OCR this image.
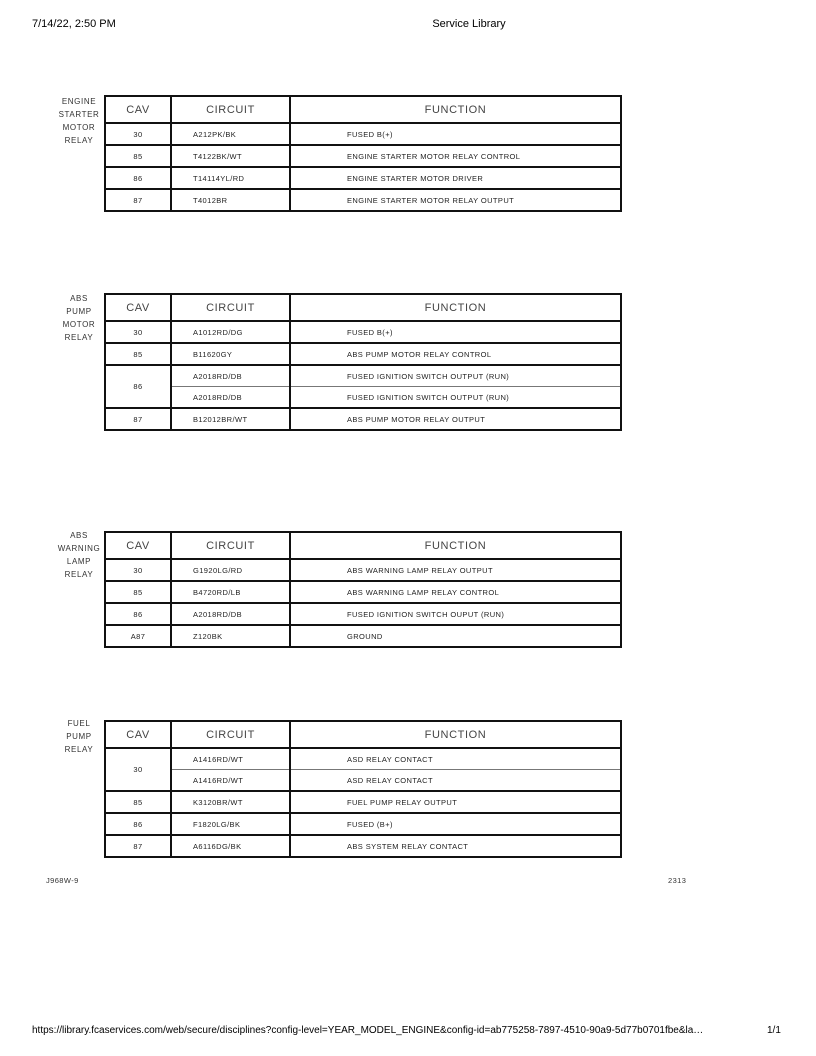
7/14/22, 2:50 PM	Service Library
ENGINE
STARTER
MOTOR
RELAY
CAV	CIRCUIT	FUNCTION
30	A212PK/BK	FUSED B(+)
85	T4122BK/WT	ENGINE STARTER MOTOR RELAY CONTROL
86	T14114YL/RD	ENGINE STARTER MOTOR DRIVER
87	T4012BR	ENGINE STARTER MOTOR RELAY OUTPUT
ABS
PUMP
MOTOR
RELAY
CAV	CIRCUIT	FUNCTION
30	A1012RD/DG	FUSED B(+)
85	B11620GY	ABS PUMP MOTOR RELAY CONTROL
86	A2018RD/DB	FUSED IGNITION SWITCH OUTPUT (RUN)
	A2018RD/DB	FUSED IGNITION SWITCH OUTPUT (RUN)
87	B12012BR/WT	ABS PUMP MOTOR RELAY OUTPUT
ABS
WARNING
LAMP
RELAY
CAV	CIRCUIT	FUNCTION
30	G1920LG/RD	ABS WARNING LAMP RELAY OUTPUT
85	B4720RD/LB	ABS WARNING LAMP RELAY CONTROL
86	A2018RD/DB	FUSED IGNITION SWITCH OUPUT (RUN)
A87	Z120BK	GROUND
FUEL
PUMP
RELAY
CAV	CIRCUIT	FUNCTION
30	A1416RD/WT	ASD RELAY CONTACT
	A1416RD/WT	ASD RELAY CONTACT
85	K3120BR/WT	FUEL PUMP RELAY OUTPUT
86	F1820LG/BK	FUSED (B+)
87	A6116DG/BK	ABS SYSTEM RELAY CONTACT
J968W-9	2313
https://library.fcaservices.com/web/secure/disciplines?config-level=YEAR_MODEL_ENGINE&config-id=ab775258-7897-4510-90a9-5d77b0701fbe&la…	1/1
